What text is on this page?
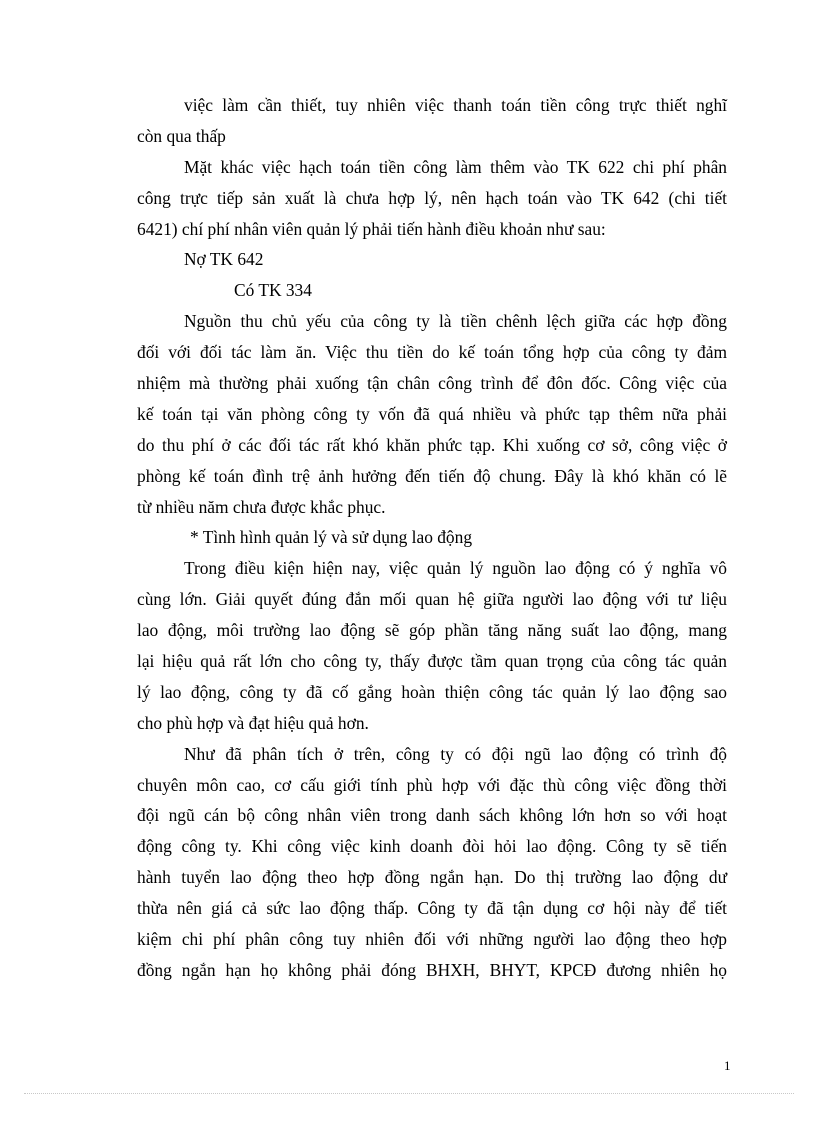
việc làm cần thiết, tuy nhiên việc thanh toán tiền công trực thiết nghĩ
còn qua thấp
Mặt khác việc hạch toán tiền công làm thêm vào TK 622 chi phí phân
công trực tiếp sản xuất là chưa hợp lý, nên hạch toán vào TK 642 (chi tiết
6421) chí phí nhân viên quản lý phải tiến hành điều khoản như sau:
Nợ TK 642
Có TK 334
Nguồn thu chủ yếu của công ty là tiền chênh lệch giữa các hợp đồng
đối với đối tác làm ăn. Việc thu tiền do kế toán tổng hợp của công ty đảm
nhiệm mà thường phải xuống tận chân công trình để đôn đốc. Công việc của
kế toán tại văn phòng công ty vốn đã quá nhiều và phức tạp thêm nữa phải
do thu phí ở các đối tác rất khó khăn phức tạp. Khi xuống cơ sở, công việc ở
phòng kế toán đình trệ ảnh hưởng đến tiến độ chung. Đây là khó khăn có lẽ
từ nhiều năm chưa được khắc phục.
* Tình hình quản lý và sử dụng lao động
Trong điều kiện hiện nay, việc quản lý nguồn lao động có ý nghĩa vô
cùng lớn. Giải quyết đúng đắn mối quan hệ giữa người lao động với tư liệu
lao động, môi trường lao động sẽ góp phần tăng năng suất lao động, mang
lại hiệu quả rất lớn cho công ty, thấy được tầm quan trọng của công tác quản
lý lao động, công ty đã cố gắng hoàn thiện công tác quản lý lao động sao
cho phù hợp và đạt hiệu quả hơn.
Như đã phân tích ở trên, công ty có đội ngũ lao động có trình độ
chuyên môn cao, cơ cấu giới tính phù hợp với đặc thù công việc đồng thời
đội ngũ cán bộ công nhân viên trong danh sách không lớn hơn so với hoạt
động công ty. Khi công việc kinh doanh đòi hỏi lao động. Công ty sẽ tiến
hành tuyển lao động theo hợp đồng ngắn hạn. Do thị trường lao động dư
thừa nên giá cả sức lao động thấp. Công ty đã tận dụng cơ hội này để tiết
kiệm chi phí phân công tuy nhiên đối với những người lao động theo hợp
đồng ngắn hạn họ không phải đóng BHXH, BHYT, KPCĐ đương nhiên họ
1
